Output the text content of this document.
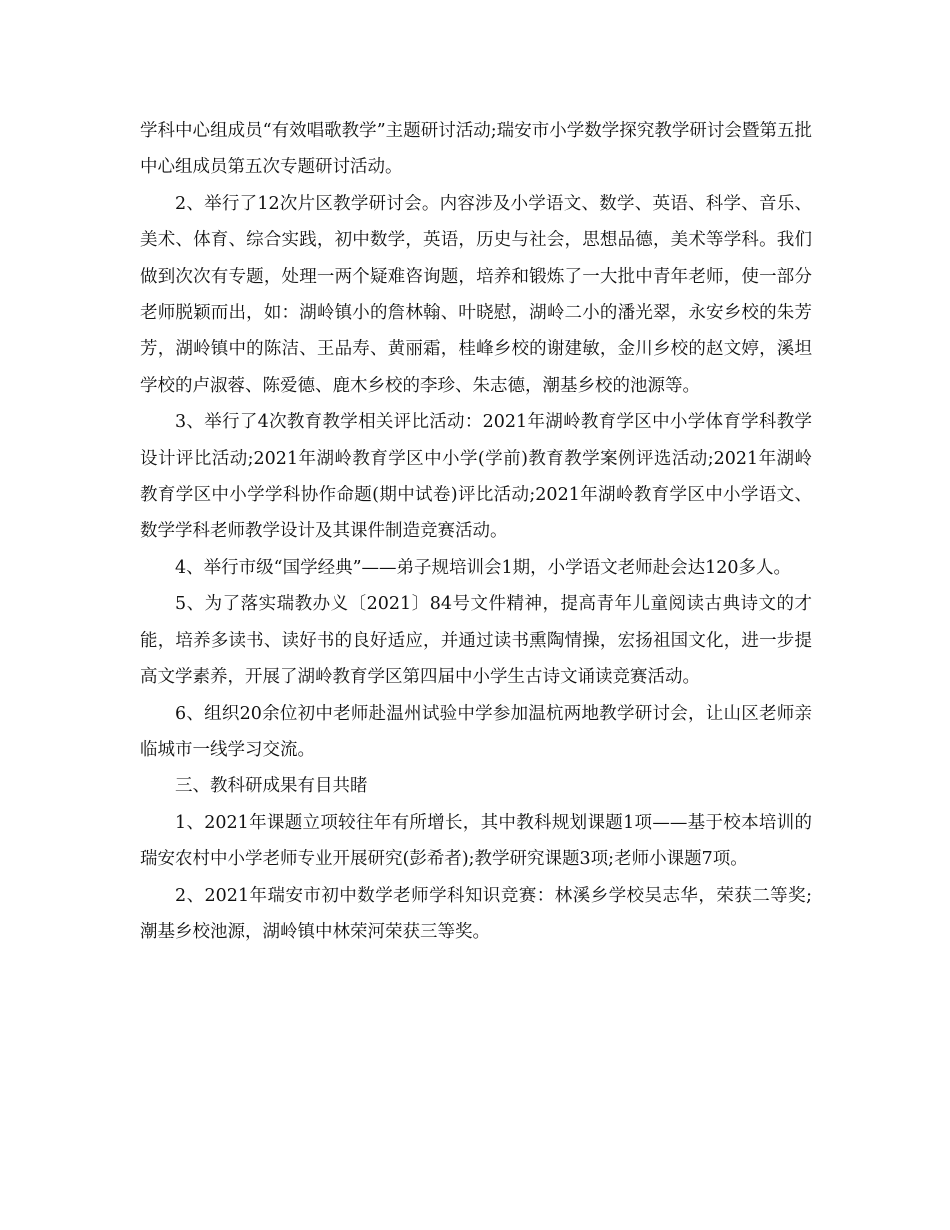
学科中心组成员“有效唱歌教学”主题研讨活动;瑞安市小学数学探究教学研讨会暨第五批中心组成员第五次专题研讨活动。

2、举行了12次片区教学研讨会。内容涉及小学语文、数学、英语、科学、音乐、美术、体育、综合实践，初中数学，英语，历史与社会，思想品德，美术等学科。我们做到次次有专题，处理一两个疑难咨询题，培养和锻炼了一大批中青年老师，使一部分老师脱颖而出，如：湖岭镇小的詹林翰、叶晓慰，湖岭二小的潘光翠，永安乡校的朱芳芳，湖岭镇中的陈洁、王品寿、黄丽霜，桂峰乡校的谢建敏，金川乡校的赵文婷，溪坦学校的卢淑蓉、陈爱德、鹿木乡校的李珍、朱志德，潮基乡校的池源等。

3、举行了4次教育教学相关评比活动：2021年湖岭教育学区中小学体育学科教学设计评比活动;2021年湖岭教育学区中小学(学前)教育教学案例评选活动;2021年湖岭教育学区中小学学科协作命题(期中试卷)评比活动;2021年湖岭教育学区中小学语文、数学学科老师教学设计及其课件制造竞赛活动。

4、举行市级“国学经典”——弟子规培训会1期，小学语文老师赴会达120多人。

5、为了落实瑞教办义〔2021〕84号文件精神，提高青年儿童阅读古典诗文的才能，培养多读书、读好书的良好适应，并通过读书熏陶情操，宏扬祖国文化，进一步提高文学素养，开展了湖岭教育学区第四届中小学生古诗文诵读竞赛活动。

6、组织20余位初中老师赴温州试验中学参加温杭两地教学研讨会，让山区老师亲临城市一线学习交流。

三、教科研成果有目共睹

1、2021年课题立项较往年有所增长，其中教科规划课题1项——基于校本培训的瑞安农村中小学老师专业开展研究(彭希者);教学研究课题3项;老师小课题7项。

2、2021年瑞安市初中数学老师学科知识竞赛：林溪乡学校吴志华，荣获二等奖;潮基乡校池源，湖岭镇中林荣河荣获三等奖。
